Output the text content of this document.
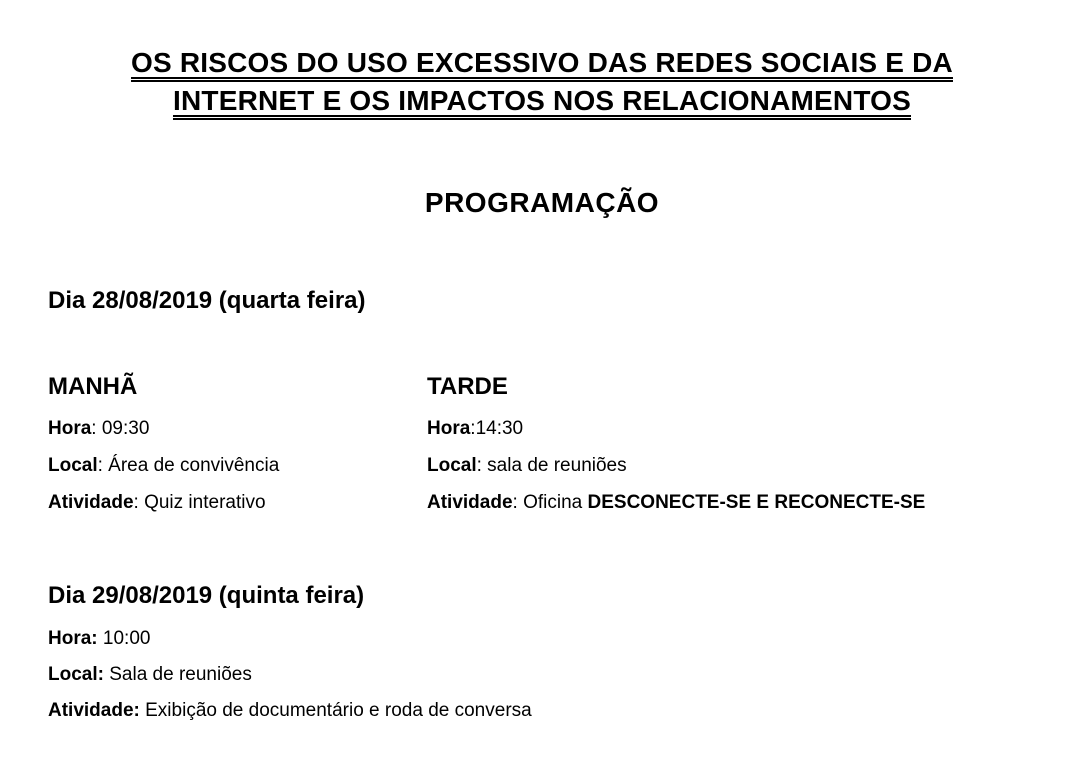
OS RISCOS DO USO EXCESSIVO DAS REDES SOCIAIS E DA
INTERNET E OS IMPACTOS NOS RELACIONAMENTOS
PROGRAMAÇÃO
Dia 28/08/2019 (quarta feira)
MANHÃ

Hora: 09:30

Local: Área de convivência

Atividade: Quiz interativo

TARDE

Hora:14:30

Local: sala de reuniões

Atividade: Oficina DESCONECTE-SE E RECONECTE-SE

Dia 29/08/2019 (quinta feira)

Hora: 10:00

Local: Sala de reuniões

Atividade: Exibição de documentário e roda de conversa
